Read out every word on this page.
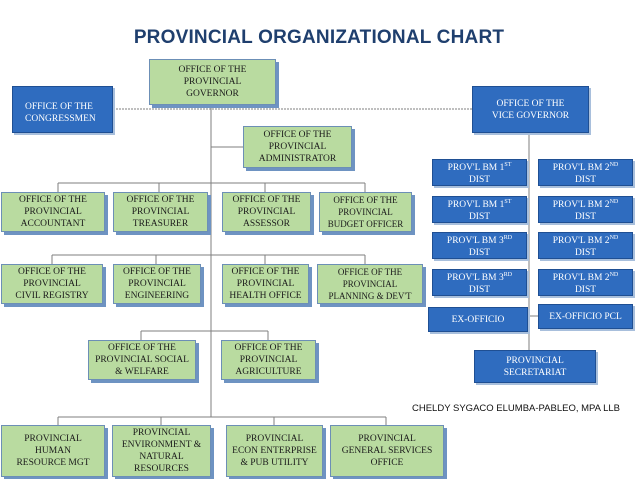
PROVINCIAL ORGANIZATIONAL CHART
OFFICE OF THE
PROVINCIAL
GOVERNOR
OFFICE OF THE
CONGRESSMEN
OFFICE OF THE
VICE GOVERNOR
OFFICE OF THE
PROVINCIAL
ADMINISTRATOR
OFFICE OF THE
PROVINCIAL
ACCOUNTANT
OFFICE OF THE
PROVINCIAL
TREASURER
OFFICE OF THE
PROVINCIAL
ASSESSOR
OFFICE OF THE
PROVINCIAL
BUDGET OFFICER
OFFICE OF THE
PROVINCIAL
CIVIL REGISTRY
OFFICE OF THE
PROVINCIAL
ENGINEERING
OFFICE OF THE
PROVINCIAL
HEALTH OFFICE
OFFICE OF THE
PROVINCIAL
PLANNING & DEV'T
OFFICE OF THE
PROVINCIAL SOCIAL
& WELFARE
OFFICE OF THE
PROVINCIAL
AGRICULTURE
PROVINCIAL
HUMAN
RESOURCE MGT
PROVINCIAL
ENVIRONMENT &
NATURAL
RESOURCES
PROVINCIAL
ECON ENTERPRISE
& PUB UTILITY
PROVINCIAL
GENERAL SERVICES
OFFICE
PROV'L BM 1ST
DIST
PROV'L BM 2ND
DIST
PROV'L BM 1ST
DIST
PROV'L BM 2ND
DIST
PROV'L BM 3RD
DIST
PROV'L BM 2ND
DIST
PROV'L BM 3RD
DIST
PROV'L BM 2ND
DIST
EX-OFFICIO	EX-OFFICIO PCL
PROVINCIAL
SECRETARIAT
CHELDY SYGACO ELUMBA-PABLEO, MPA LLB
